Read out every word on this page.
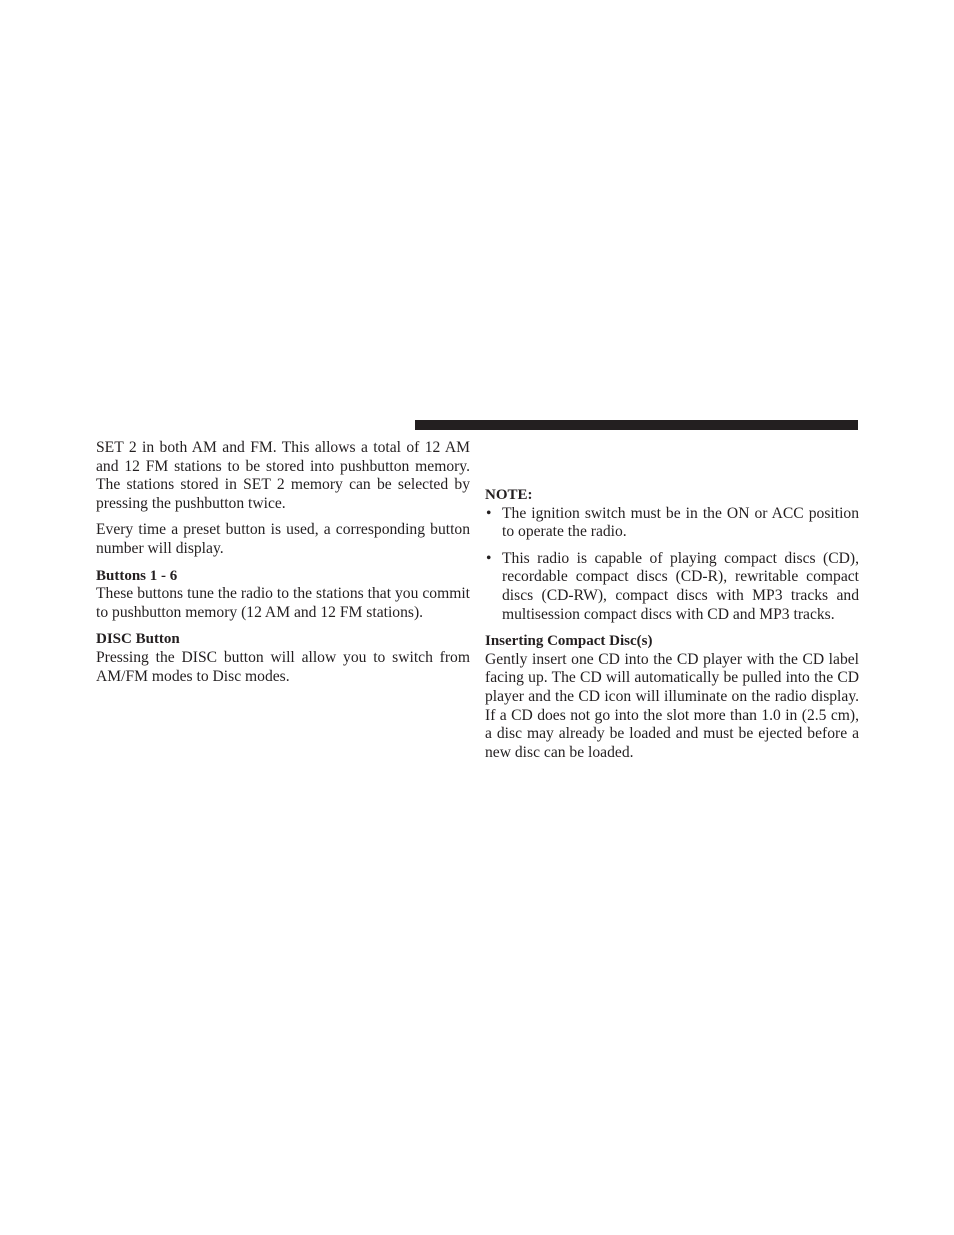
SET 2 in both AM and FM. This allows a total of 12 AM and 12 FM stations to be stored into pushbutton memory. The stations stored in SET 2 memory can be selected by pressing the pushbutton twice.

Every time a preset button is used, a corresponding button number will display.

Buttons 1 - 6

These buttons tune the radio to the stations that you commit to pushbutton memory (12 AM and 12 FM stations).

DISC Button

Pressing the DISC button will allow you to switch from AM/FM modes to Disc modes.

NOTE:
• The ignition switch must be in the ON or ACC position to operate the radio.
• This radio is capable of playing compact discs (CD), recordable compact discs (CD-R), rewritable compact discs (CD-RW), compact discs with MP3 tracks and multisession compact discs with CD and MP3 tracks.
Inserting Compact Disc(s)

Gently insert one CD into the CD player with the CD label facing up. The CD will automatically be pulled into the CD player and the CD icon will illuminate on the radio display. If a CD does not go into the slot more than 1.0 in (2.5 cm), a disc may already be loaded and must be ejected before a new disc can be loaded.
